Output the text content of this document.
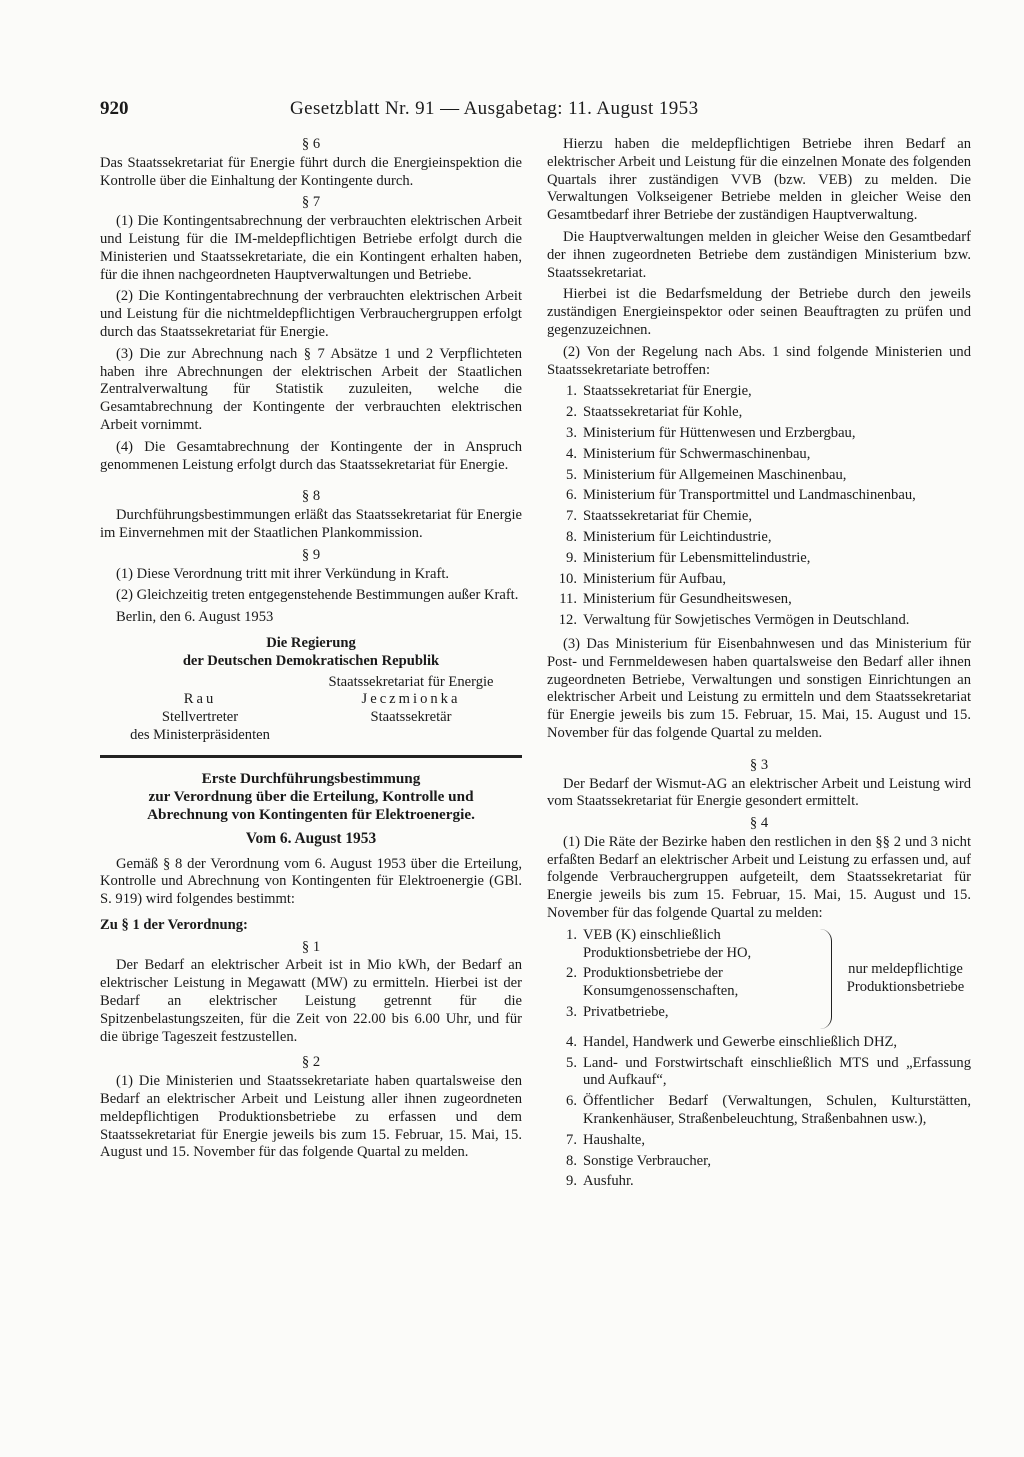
920	Gesetzblatt Nr. 91 — Ausgabetag: 11. August 1953
§ 6

Das Staatssekretariat für Energie führt durch die Energieinspektion die Kontrolle über die Einhaltung der Kontingente durch.

§ 7

(1) Die Kontingentsabrechnung der verbrauchten elektrischen Arbeit und Leistung für die IM-meldepflichtigen Betriebe erfolgt durch die Ministerien und Staatssekretariate, die ein Kontingent erhalten haben, für die ihnen nachgeordneten Hauptverwaltungen und Betriebe.

(2) Die Kontingentabrechnung der verbrauchten elektrischen Arbeit und Leistung für die nichtmeldepflichtigen Verbrauchergruppen erfolgt durch das Staatssekretariat für Energie.

(3) Die zur Abrechnung nach § 7 Absätze 1 und 2 Verpflichteten haben ihre Abrechnungen der elektrischen Arbeit der Staatlichen Zentralverwaltung für Statistik zuzuleiten, welche die Gesamtabrechnung der Kontingente der verbrauchten elektrischen Arbeit vornimmt.

(4) Die Gesamtabrechnung der Kontingente der in Anspruch genommenen Leistung erfolgt durch das Staatssekretariat für Energie.

§ 8

Durchführungsbestimmungen erläßt das Staatssekretariat für Energie im Einvernehmen mit der Staatlichen Plankommission.

§ 9

(1) Diese Verordnung tritt mit ihrer Verkündung in Kraft.

(2) Gleichzeitig treten entgegenstehende Bestimmungen außer Kraft.

Berlin, den 6. August 1953

Die Regierung
der Deutschen Demokratischen Republik

Rau
Stellvertreter
des Ministerpräsidenten
Staatssekretariat für Energie
Jeczmionka
Staatssekretär
Erste Durchführungsbestimmung
zur Verordnung über die Erteilung, Kontrolle und
Abrechnung von Kontingenten für Elektroenergie.
Vom 6. August 1953

Gemäß § 8 der Verordnung vom 6. August 1953 über die Erteilung, Kontrolle und Abrechnung von Kontingenten für Elektroenergie (GBl. S. 919) wird folgendes bestimmt:

Zu § 1 der Verordnung:

§ 1

Der Bedarf an elektrischer Arbeit ist in Mio kWh, der Bedarf an elektrischer Leistung in Megawatt (MW) zu ermitteln. Hierbei ist der Bedarf an elektrischer Leistung getrennt für die Spitzenbelastungszeiten, für die Zeit von 22.00 bis 6.00 Uhr, und für die übrige Tageszeit festzustellen.

§ 2

(1) Die Ministerien und Staatssekretariate haben quartalsweise den Bedarf an elektrischer Arbeit und Leistung aller ihnen zugeordneten meldepflichtigen Produktionsbetriebe zu erfassen und dem Staatssekretariat für Energie jeweils bis zum 15. Februar, 15. Mai, 15. August und 15. November für das folgende Quartal zu melden.

Hierzu haben die meldepflichtigen Betriebe ihren Bedarf an elektrischer Arbeit und Leistung für die einzelnen Monate des folgenden Quartals ihrer zuständigen VVB (bzw. VEB) zu melden. Die Verwaltungen Volkseigener Betriebe melden in gleicher Weise den Gesamtbedarf ihrer Betriebe der zuständigen Hauptverwaltung.

Die Hauptverwaltungen melden in gleicher Weise den Gesamtbedarf der ihnen zugeordneten Betriebe dem zuständigen Ministerium bzw. Staatssekretariat.

Hierbei ist die Bedarfsmeldung der Betriebe durch den jeweils zuständigen Energieinspektor oder seinen Beauftragten zu prüfen und gegenzuzeichnen.

(2) Von der Regelung nach Abs. 1 sind folgende Ministerien und Staatssekretariate betroffen:

1. Staatssekretariat für Energie,
2. Staatssekretariat für Kohle,
3. Ministerium für Hüttenwesen und Erzbergbau,
4. Ministerium für Schwermaschinenbau,
5. Ministerium für Allgemeinen Maschinenbau,
6. Ministerium für Transportmittel und Landmaschinenbau,
7. Staatssekretariat für Chemie,
8. Ministerium für Leichtindustrie,
9. Ministerium für Lebensmittelindustrie,
10. Ministerium für Aufbau,
11. Ministerium für Gesundheitswesen,
12. Verwaltung für Sowjetisches Vermögen in Deutschland.

(3) Das Ministerium für Eisenbahnwesen und das Ministerium für Post- und Fernmeldewesen haben quartalsweise den Bedarf aller ihnen zugeordneten Betriebe, Verwaltungen und sonstigen Einrichtungen an elektrischer Arbeit und Leistung zu ermitteln und dem Staatssekretariat für Energie jeweils bis zum 15. Februar, 15. Mai, 15. August und 15. November für das folgende Quartal zu melden.

§ 3

Der Bedarf der Wismut-AG an elektrischer Arbeit und Leistung wird vom Staatssekretariat für Energie gesondert ermittelt.

§ 4

(1) Die Räte der Bezirke haben den restlichen in den §§ 2 und 3 nicht erfaßten Bedarf an elektrischer Arbeit und Leistung zu erfassen und, auf folgende Verbrauchergruppen aufgeteilt, dem Staatssekretariat für Energie jeweils bis zum 15. Februar, 15. Mai, 15. August und 15. November für das folgende Quartal zu melden:

1. VEB (K) einschließlich Produktionsbetriebe der HO,
2. Produktionsbetriebe der Konsumgenossenschaften,
3. Privatbetriebe,
nur meldepflichtige Produktionsbetriebe
4. Handel, Handwerk und Gewerbe einschließlich DHZ,
5. Land- und Forstwirtschaft einschließlich MTS und „Erfassung und Aufkauf“,
6. Öffentlicher Bedarf (Verwaltungen, Schulen, Kulturstätten, Krankenhäuser, Straßenbeleuchtung, Straßenbahnen usw.),
7. Haushalte,
8. Sonstige Verbraucher,
9. Ausfuhr.
